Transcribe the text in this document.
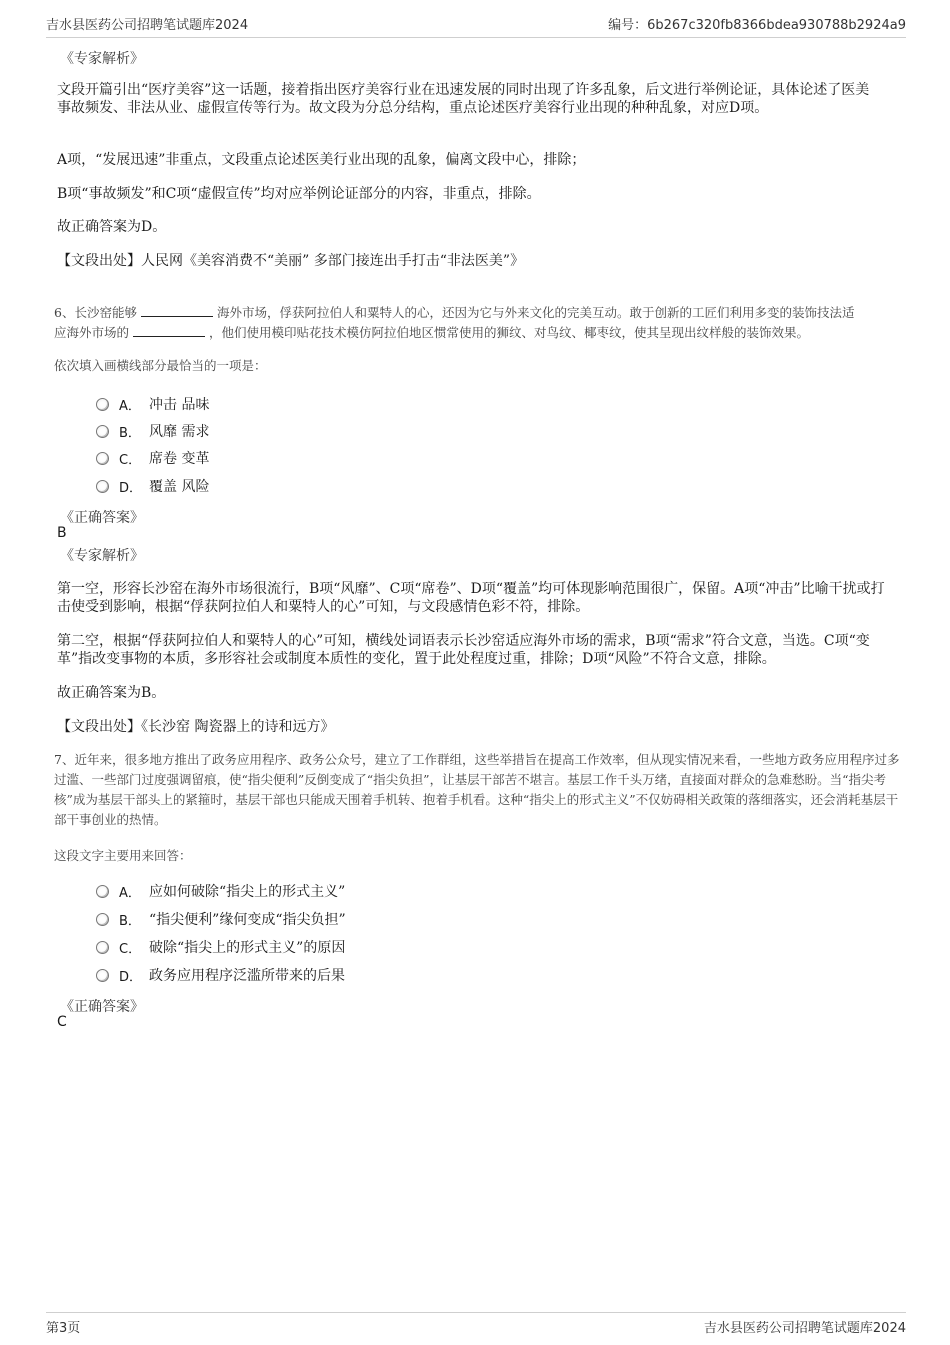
吉水县医药公司招聘笔试题库2024	编号：6b267c320fb8366bdea930788b2924a9
《专家解析》
文段开篇引出“医疗美容”这一话题，接着指出医疗美容行业在迅速发展的同时出现了许多乱象，后文进行举例论证，具体论述了医美事故频发、非法从业、虚假宣传等行为。故文段为分总分结构，重点论述医疗美容行业出现的种种乱象，对应D项。
A项，“发展迅速”非重点，文段重点论述医美行业出现的乱象，偏离文段中心，排除；
B项“事故频发”和C项“虚假宣传”均对应举例论证部分的内容，非重点，排除。
故正确答案为D。
【文段出处】人民网《美容消费不“美丽” 多部门接连出手打击“非法医美”》
6、长沙窑能够	海外市场，俘获阿拉伯人和粟特人的心，还因为它与外来文化的完美互动。敢于创新的工匠们利用多变的装饰技法适
应海外市场的	，他们使用模印贴花技术模仿阿拉伯地区惯常使用的狮纹、对鸟纹、椰枣纹，使其呈现出纹样般的装饰效果。
依次填入画横线部分最恰当的一项是：
A． 冲击 品味
B． 风靡 需求
C． 席卷 变革
D． 覆盖 风险
《正确答案》
B
《专家解析》
第一空，形容长沙窑在海外市场很流行，B项“风靡”、C项“席卷”、D项“覆盖”均可体现影响范围很广，保留。A项“冲击”比喻干扰或打击使受到影响，根据“俘获阿拉伯人和粟特人的心”可知，与文段感情色彩不符，排除。
第二空，根据“俘获阿拉伯人和粟特人的心”可知，横线处词语表示长沙窑适应海外市场的需求，B项“需求”符合文意，当选。C项“变革”指改变事物的本质，多形容社会或制度本质性的变化，置于此处程度过重，排除；D项“风险”不符合文意，排除。
故正确答案为B。
【文段出处】《长沙窑 陶瓷器上的诗和远方》
7、近年来，很多地方推出了政务应用程序、政务公众号，建立了工作群组，这些举措旨在提高工作效率，但从现实情况来看，一些地方政务应用程序过多过滥、一些部门过度强调留痕，使“指尖便利”反倒变成了“指尖负担”，让基层干部苦不堪言。基层工作千头万绪，直接面对群众的急难愁盼。当“指尖考核”成为基层干部头上的紧箍时，基层干部也只能成天围着手机转、抱着手机看。这种“指尖上的形式主义”不仅妨碍相关政策的落细落实，还会消耗基层干部干事创业的热情。
这段文字主要用来回答：
A． 应如何破除“指尖上的形式主义”
B． “指尖便利”缘何变成“指尖负担”
C． 破除“指尖上的形式主义”的原因
D． 政务应用程序泛滥所带来的后果
《正确答案》
C
第3页	吉水县医药公司招聘笔试题库2024
